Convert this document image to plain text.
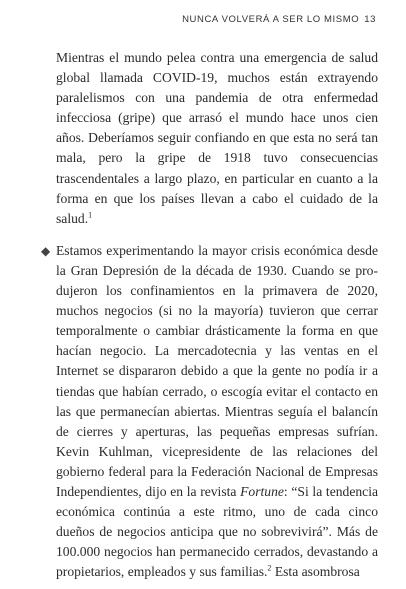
NUNCA VOLVERÁ A SER LO MISMO 13

Mientras el mundo pelea contra una emergencia de salud global llamada COVID-19, muchos están extrayendo paralelismos con una pandemia de otra enfermedad infecciosa (gripe) que arrasó el mundo hace unos cien años. Deberíamos seguir confiando en que esta no será tan mala, pero la gripe de 1918 tuvo consecuencias trascendentales a largo plazo, en particular en cuanto a la forma en que los países llevan a cabo el cuidado de la salud.$^1$

◆ Estamos experimentando la mayor crisis económica desde la Gran Depresión de la década de 1930. Cuando se produjeron los confinamientos en la primavera de 2020, muchos negocios (si no la mayoría) tuvieron que cerrar temporalmente o cambiar drásticamente la forma en que hacían negocio. La mercadotecnia y las ventas en el Internet se dispararon debido a que la gente no podía ir a tiendas que habían cerrado, o escogía evitar el contacto en las que permanecían abiertas. Mientras seguía el balancín de cierres y aperturas, las pequeñas empresas sufrían. Kevin Kuhlman, vicepresidente de las relaciones del gobierno federal para la Federación Nacional de Empresas Independientes, dijo en la revista Fortune: “Si la tendencia económica continúa a este ritmo, uno de cada cinco dueños de negocios anticipa que no sobrevivirá”. Más de 100.000 negocios han permanecido cerrados, devastando a propietarios, empleados y sus familias.$^2$ Esta asombrosa
